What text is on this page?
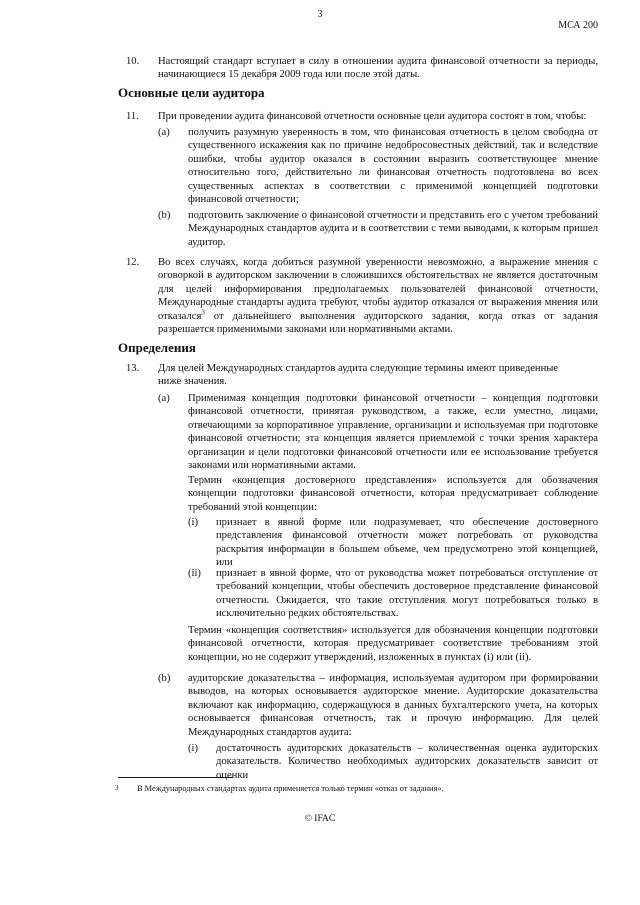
3
МСА 200
10. Настоящий стандарт вступает в силу в отношении аудита финансовой отчетности за периоды, начинающиеся 15 декабря 2009 года или после этой даты.
Основные цели аудитора
11. При проведении аудита финансовой отчетности основные цели аудитора состоят в том, чтобы:
(a) получить разумную уверенность в том, что финансовая отчетность в целом свободна от существенного искажения как по причине недобросовестных действий, так и вследствие ошибки, чтобы аудитор оказался в состоянии выразить соответствующее мнение относительно того, действительно ли финансовая отчетность подготовлена во всех существенных аспектах в соответствии с применимой концепцией подготовки финансовой отчетности;
(b) подготовить заключение о финансовой отчетности и представить его с учетом требований Международных стандартов аудита и в соответствии с теми выводами, к которым пришел аудитор.
12. Во всех случаях, когда добиться разумной уверенности невозможно, а выражение мнения с оговоркой в аудиторском заключении в сложившихся обстоятельствах не является достаточным для целей информирования предполагаемых пользователей финансовой отчетности, Международные стандарты аудита требуют, чтобы аудитор отказался от выражения мнения или отказался$^3$ от дальнейшего выполнения аудиторского задания, когда отказ от задания разрешается применимыми законами или нормативными актами.
Определения
13. Для целей Международных стандартов аудита следующие термины имеют приведенные ниже значения.
(a) Применимая концепция подготовки финансовой отчетности – концепция подготовки финансовой отчетности, принятая руководством, а также, если уместно, лицами, отвечающими за корпоративное управление, организации и используемая при подготовке финансовой отчетности; эта концепция является приемлемой с точки зрения характера организации и цели подготовки финансовой отчетности или ее использование требуется законами или нормативными актами.
Термин «концепция достоверного представления» используется для обозначения концепции подготовки финансовой отчетности, которая предусматривает соблюдение требований этой концепции:
(i) признает в явной форме или подразумевает, что обеспечение достоверного представления финансовой отчетности может потребовать от руководства раскрытия информации в большем объеме, чем предусмотрено этой концепцией, или
(ii) признает в явной форме, что от руководства может потребоваться отступление от требований концепции, чтобы обеспечить достоверное представление финансовой отчетности. Ожидается, что такие отступления могут потребоваться только в исключительно редких обстоятельствах.
Термин «концепция соответствия» используется для обозначения концепции подготовки финансовой отчетности, которая предусматривает соответствие требованиям этой концепции, но не содержит утверждений, изложенных в пунктах (i) или (ii).
(b) аудиторские доказательства – информация, используемая аудитором при формировании выводов, на которых основывается аудиторское мнение. Аудиторские доказательства включают как информацию, содержащуюся в данных бухгалтерского учета, на которых основывается финансовая отчетность, так и прочую информацию. Для целей Международных стандартов аудита:
(i) достаточность аудиторских доказательств – количественная оценка аудиторских доказательств. Количество необходимых аудиторских доказательств зависит от оценки
3 В Международных стандартах аудита применяется только термин «отказ от задания».
© IFAC
